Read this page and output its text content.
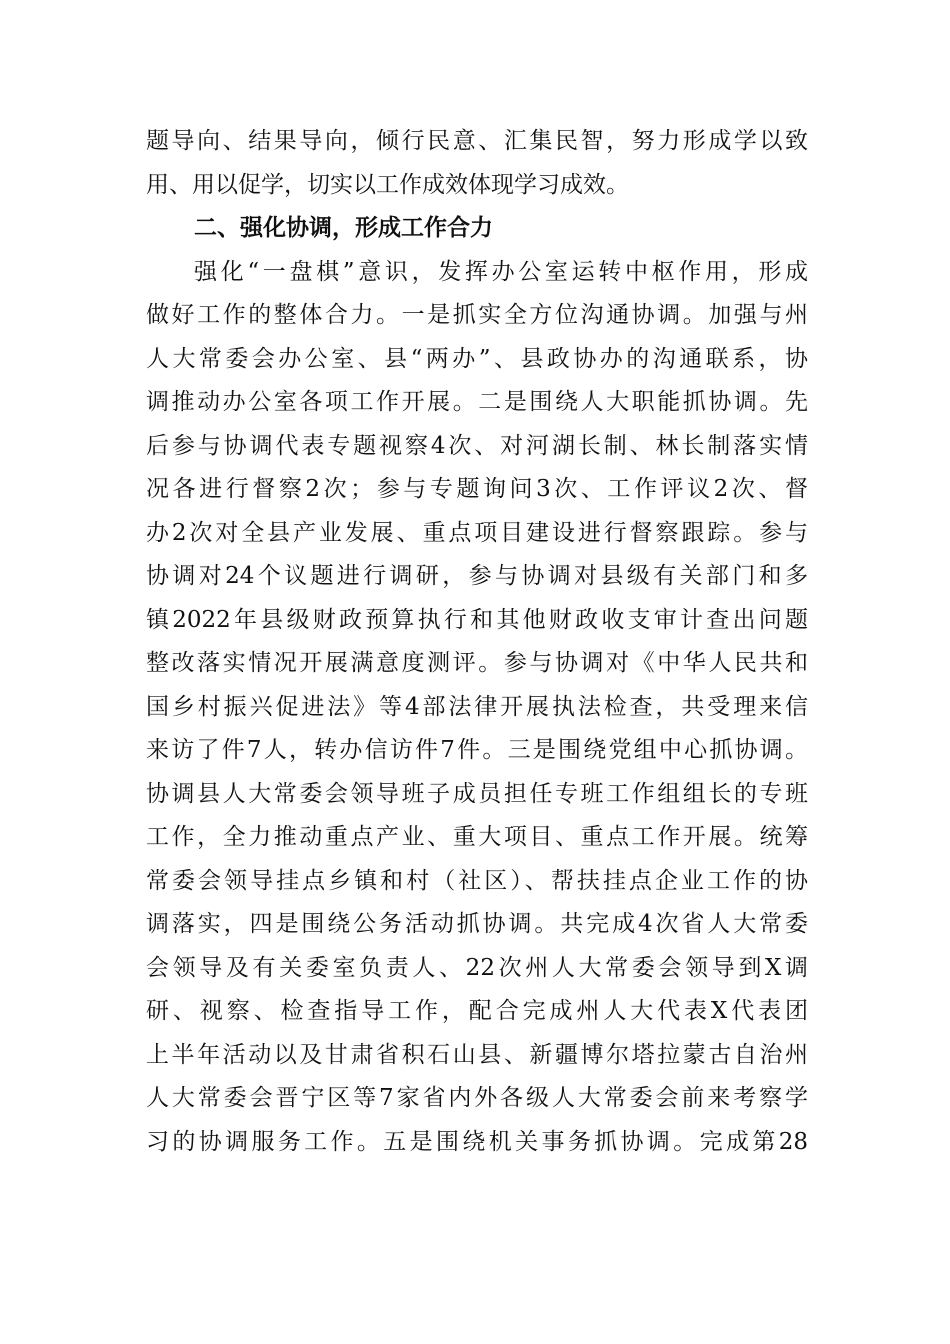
题导向、结果导向，倾行民意、汇集民智，努力形成学以致
用、用以促学，切实以工作成效体现学习成效。
二、强化协调，形成工作合力
强化“一盘棋”意识，发挥办公室运转中枢作用，形成
做好工作的整体合力。一是抓实全方位沟通协调。加强与州
人大常委会办公室、县“两办”、县政协办的沟通联系，协
调推动办公室各项工作开展。二是围绕人大职能抓协调。先
后参与协调代表专题视察4次、对河湖长制、林长制落实情
况各进行督察2次；参与专题询问3次、工作评议2次、督
办2次对全县产业发展、重点项目建设进行督察跟踪。参与
协调对24个议题进行调研，参与协调对县级有关部门和多
镇2022年县级财政预算执行和其他财政收支审计查出问题
整改落实情况开展满意度测评。参与协调对《中华人民共和
国乡村振兴促进法》等4部法律开展执法检查，共受理来信
来访了件7人，转办信访件7件。三是围绕党组中心抓协调。
协调县人大常委会领导班子成员担任专班工作组组长的专班
工作，全力推动重点产业、重大项目、重点工作开展。统筹
常委会领导挂点乡镇和村（社区）、帮扶挂点企业工作的协
调落实，四是围绕公务活动抓协调。共完成4次省人大常委
会领导及有关委室负责人、22次州人大常委会领导到X调
研、视察、检查指导工作，配合完成州人大代表X代表团
上半年活动以及甘肃省积石山县、新疆博尔塔拉蒙古自治州
人大常委会晋宁区等7家省内外各级人大常委会前来考察学
习的协调服务工作。五是围绕机关事务抓协调。完成第28
